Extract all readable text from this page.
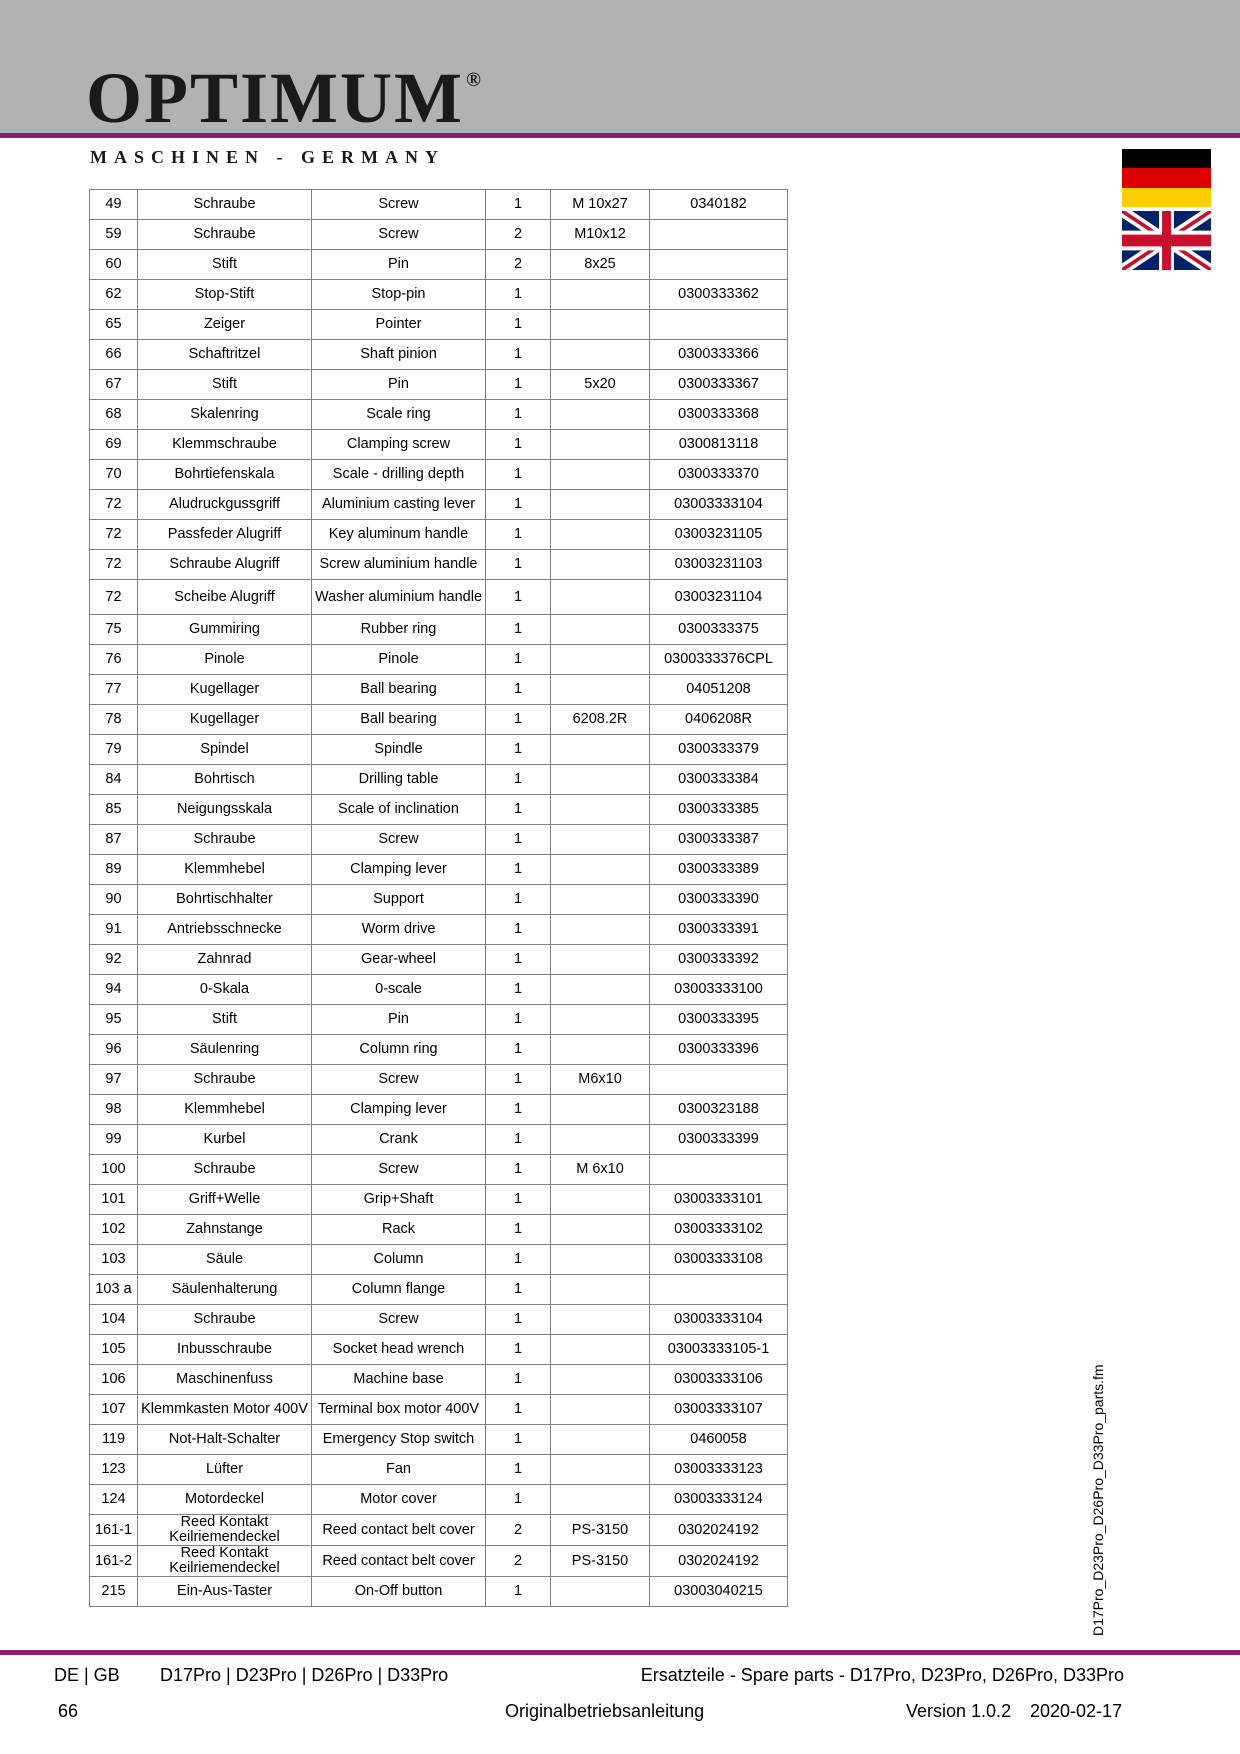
OPTIMUM ®
MASCHINEN - GERMANY
49	Schraube	Screw	1	M 10x27	0340182
59	Schraube	Screw	2	M10x12	
60	Stift	Pin	2	8x25	
62	Stop-Stift	Stop-pin	1		0300333362
65	Zeiger	Pointer	1		
66	Schaftritzel	Shaft pinion	1		0300333366
67	Stift	Pin	1	5x20	0300333367
68	Skalenring	Scale ring	1		0300333368
69	Klemmschraube	Clamping screw	1		0300813118
70	Bohrtiefenskala	Scale - drilling depth	1		0300333370
72	Aludruckgussgriff	Aluminium casting lever	1		03003333104
72	Passfeder Alugriff	Key aluminum handle	1		03003231105
72	Schraube Alugriff	Screw aluminium handle	1		03003231103
72	Scheibe Alugriff	Washer aluminium handle	1		03003231104
75	Gummiring	Rubber ring	1		0300333375
76	Pinole	Pinole	1		0300333376CPL
77	Kugellager	Ball bearing	1		04051208
78	Kugellager	Ball bearing	1	6208.2R	0406208R
79	Spindel	Spindle	1		0300333379
84	Bohrtisch	Drilling table	1		0300333384
85	Neigungsskala	Scale of inclination	1		0300333385
87	Schraube	Screw	1		0300333387
89	Klemmhebel	Clamping lever	1		0300333389
90	Bohrtischhalter	Support	1		0300333390
91	Antriebsschnecke	Worm drive	1		0300333391
92	Zahnrad	Gear-wheel	1		0300333392
94	0-Skala	0-scale	1		03003333100
95	Stift	Pin	1		0300333395
96	Säulenring	Column ring	1		0300333396
97	Schraube	Screw	1	M6x10	
98	Klemmhebel	Clamping lever	1		0300323188
99	Kurbel	Crank	1		0300333399
100	Schraube	Screw	1	M 6x10	
101	Griff+Welle	Grip+Shaft	1		03003333101
102	Zahnstange	Rack	1		03003333102
103	Säule	Column	1		03003333108
103 a	Säulenhalterung	Column flange	1		
104	Schraube	Screw	1		03003333104
105	Inbusschraube	Socket head wrench	1		03003333105-1
106	Maschinenfuss	Machine base	1		03003333106
107	Klemmkasten Motor 400V	Terminal box motor 400V	1		03003333107
119	Not-Halt-Schalter	Emergency Stop switch	1		0460058
123	Lüfter	Fan	1		03003333123
124	Motordeckel	Motor cover	1		03003333124
161-1	Reed Kontakt Keilriemendeckel	Reed contact belt cover	2	PS-3150	0302024192
161-2	Reed Kontakt Keilriemendeckel	Reed contact belt cover	2	PS-3150	0302024192
215	Ein-Aus-Taster	On-Off button	1		03003040215	D17Pro_D23Pro_D26Pro_D33Pro_parts.fm
DE | GB D17Pro | D23Pro | D26Pro | D33Pro	Ersatzteile - Spare parts - D17Pro, D23Pro, D26Pro, D33Pro
66	Originalbetriebsanleitung	Version 1.0.2 2020-02-17
